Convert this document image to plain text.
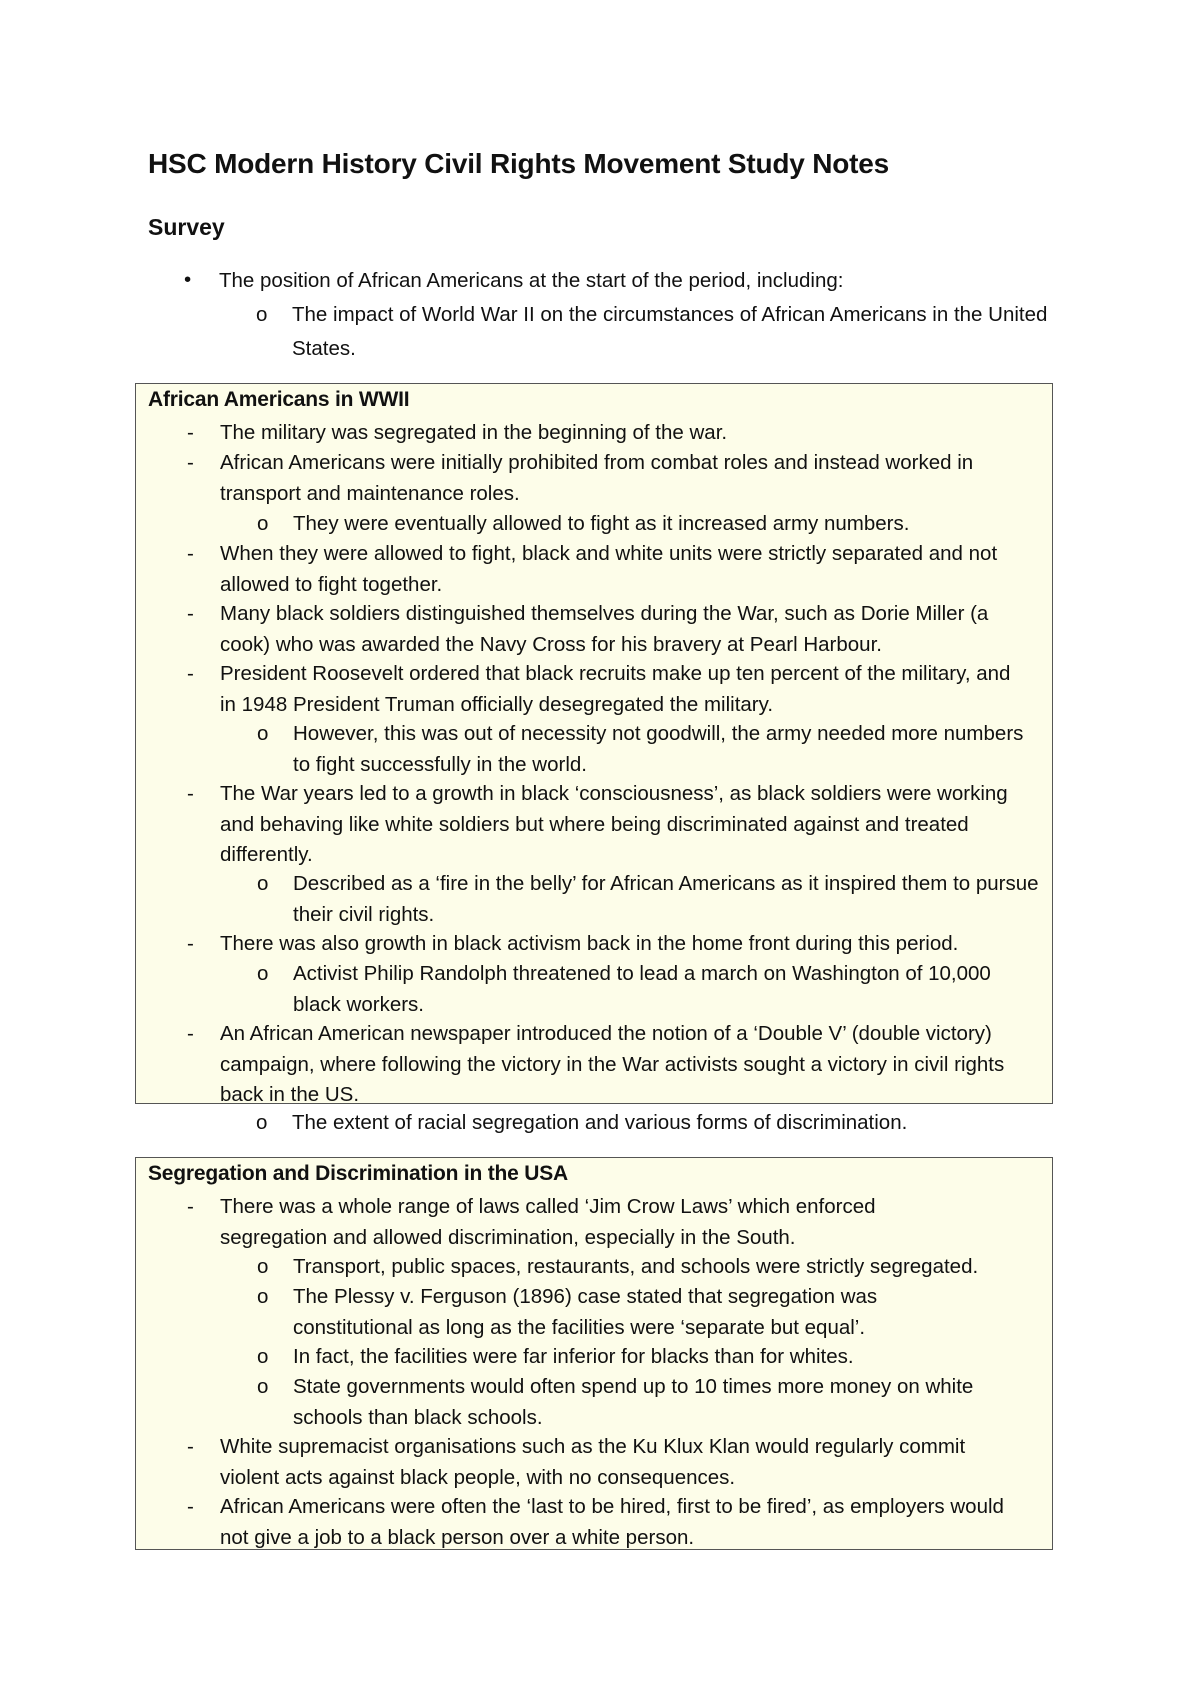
HSC Modern History Civil Rights Movement Study Notes
Survey
• The position of African Americans at the start of the period, including:
o The impact of World War II on the circumstances of African Americans in the United States.
African Americans in WWII
- The military was segregated in the beginning of the war.
- African Americans were initially prohibited from combat roles and instead worked in transport and maintenance roles.
o They were eventually allowed to fight as it increased army numbers.
- When they were allowed to fight, black and white units were strictly separated and not allowed to fight together.
- Many black soldiers distinguished themselves during the War, such as Dorie Miller (a cook) who was awarded the Navy Cross for his bravery at Pearl Harbour.
- President Roosevelt ordered that black recruits make up ten percent of the military, and in 1948 President Truman officially desegregated the military.
o However, this was out of necessity not goodwill, the army needed more numbers to fight successfully in the world.
- The War years led to a growth in black ‘consciousness’, as black soldiers were working and behaving like white soldiers but where being discriminated against and treated differently.
o Described as a ‘fire in the belly’ for African Americans as it inspired them to pursue their civil rights.
- There was also growth in black activism back in the home front during this period.
o Activist Philip Randolph threatened to lead a march on Washington of 10,000 black workers.
- An African American newspaper introduced the notion of a ‘Double V’ (double victory) campaign, where following the victory in the War activists sought a victory in civil rights back in the US.
o The extent of racial segregation and various forms of discrimination.
Segregation and Discrimination in the USA
- There was a whole range of laws called ‘Jim Crow Laws’ which enforced segregation and allowed discrimination, especially in the South.
o Transport, public spaces, restaurants, and schools were strictly segregated.
o The Plessy v. Ferguson (1896) case stated that segregation was constitutional as long as the facilities were ‘separate but equal’.
o In fact, the facilities were far inferior for blacks than for whites.
o State governments would often spend up to 10 times more money on white schools than black schools.
- White supremacist organisations such as the Ku Klux Klan would regularly commit violent acts against black people, with no consequences.
- African Americans were often the ‘last to be hired, first to be fired’, as employers would not give a job to a black person over a white person.
